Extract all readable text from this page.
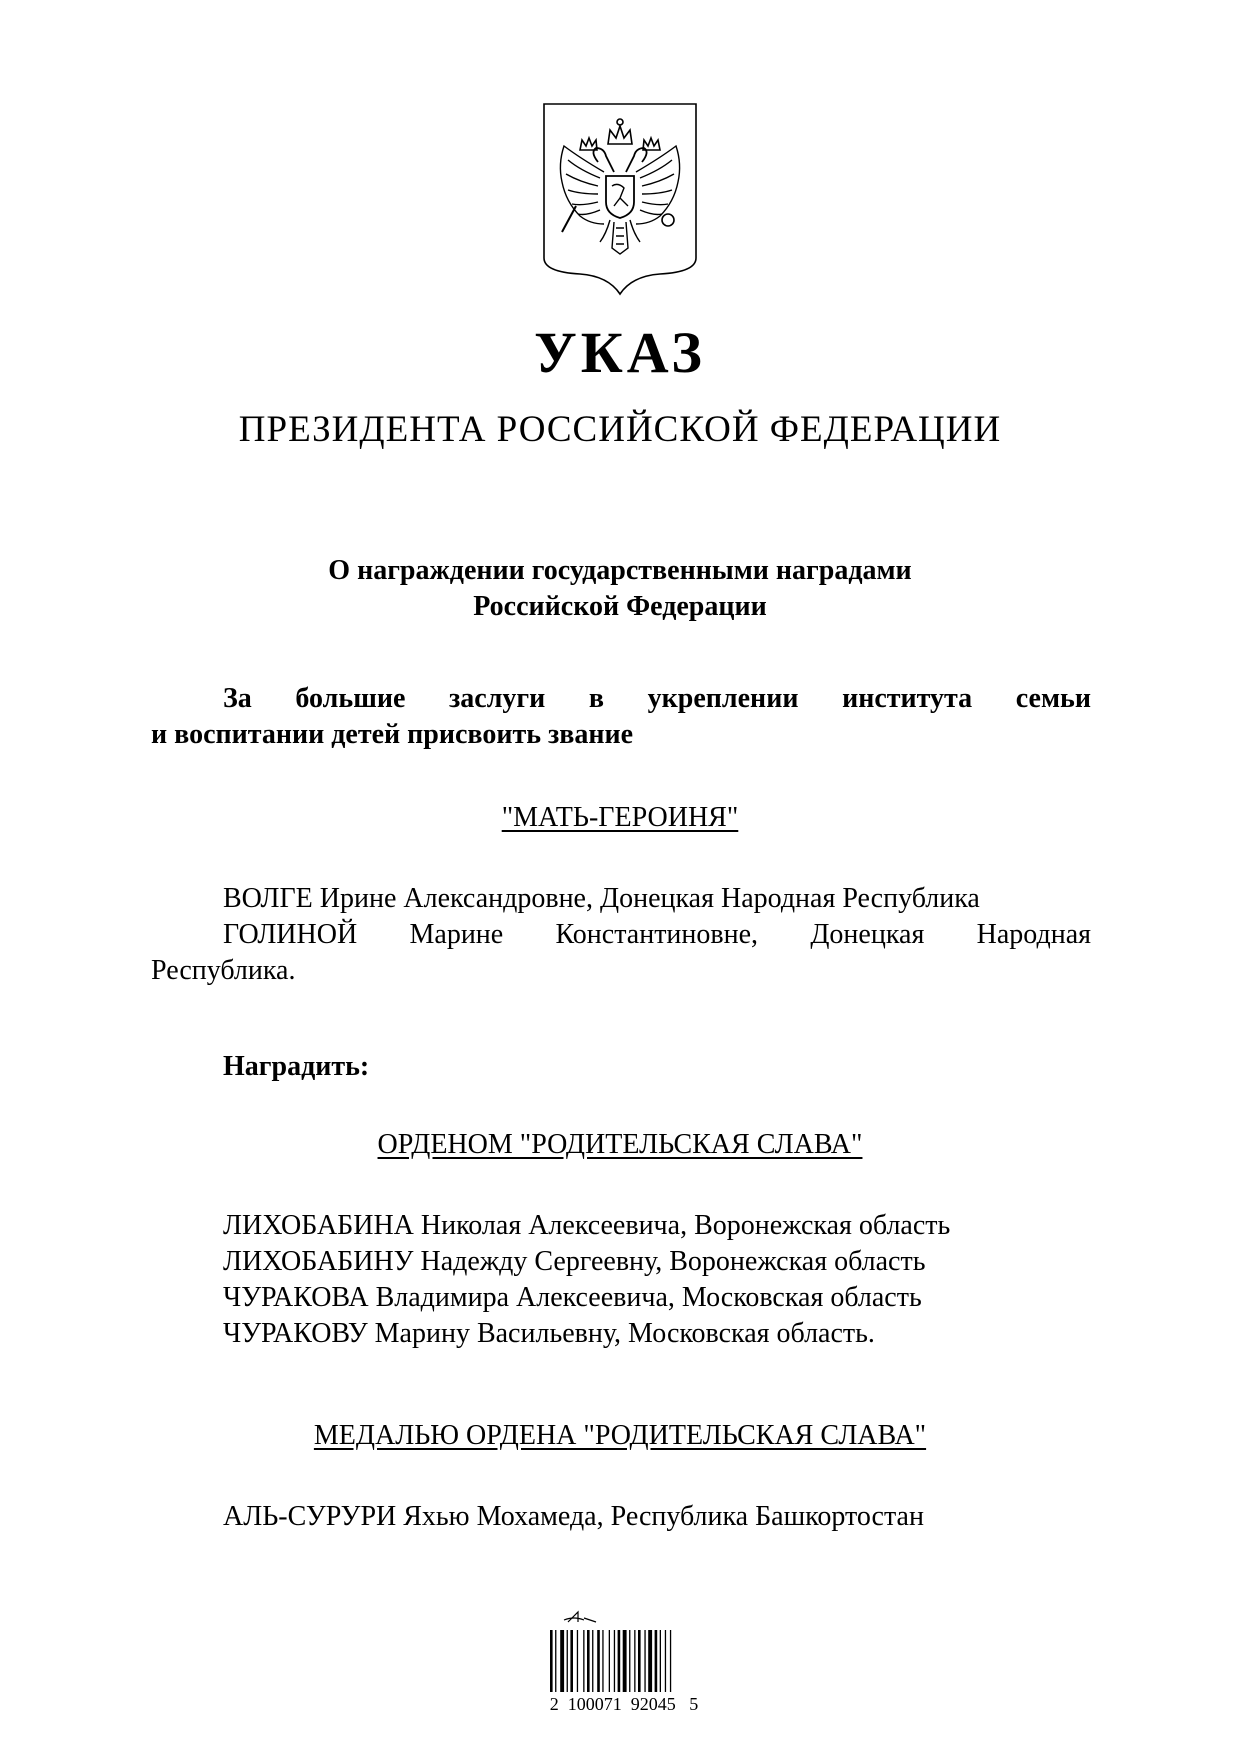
УКАЗ
ПРЕЗИДЕНТА РОССИЙСКОЙ ФЕДЕРАЦИИ
О награждении государственными наградами
Российской Федерации
За большие заслуги в укреплении института семьи
и воспитании детей присвоить звание
"МАТЬ-ГЕРОИНЯ"
ВОЛГЕ Ирине Александровне, Донецкая Народная Республика
ГОЛИНОЙ Марине Константиновне, Донецкая Народная
Республика.
Наградить:
ОРДЕНОМ "РОДИТЕЛЬСКАЯ СЛАВА"
ЛИХОБАБИНА Николая Алексеевича, Воронежская область
ЛИХОБАБИНУ Надежду Сергеевну, Воронежская область
ЧУРАКОВА Владимира Алексеевича, Московская область
ЧУРАКОВУ Марину Васильевну, Московская область.
МЕДАЛЬЮ ОРДЕНА "РОДИТЕЛЬСКАЯ СЛАВА"
АЛЬ-СУРУРИ Яхью Мохамеда, Республика Башкортостан
2  100071  92045   5
